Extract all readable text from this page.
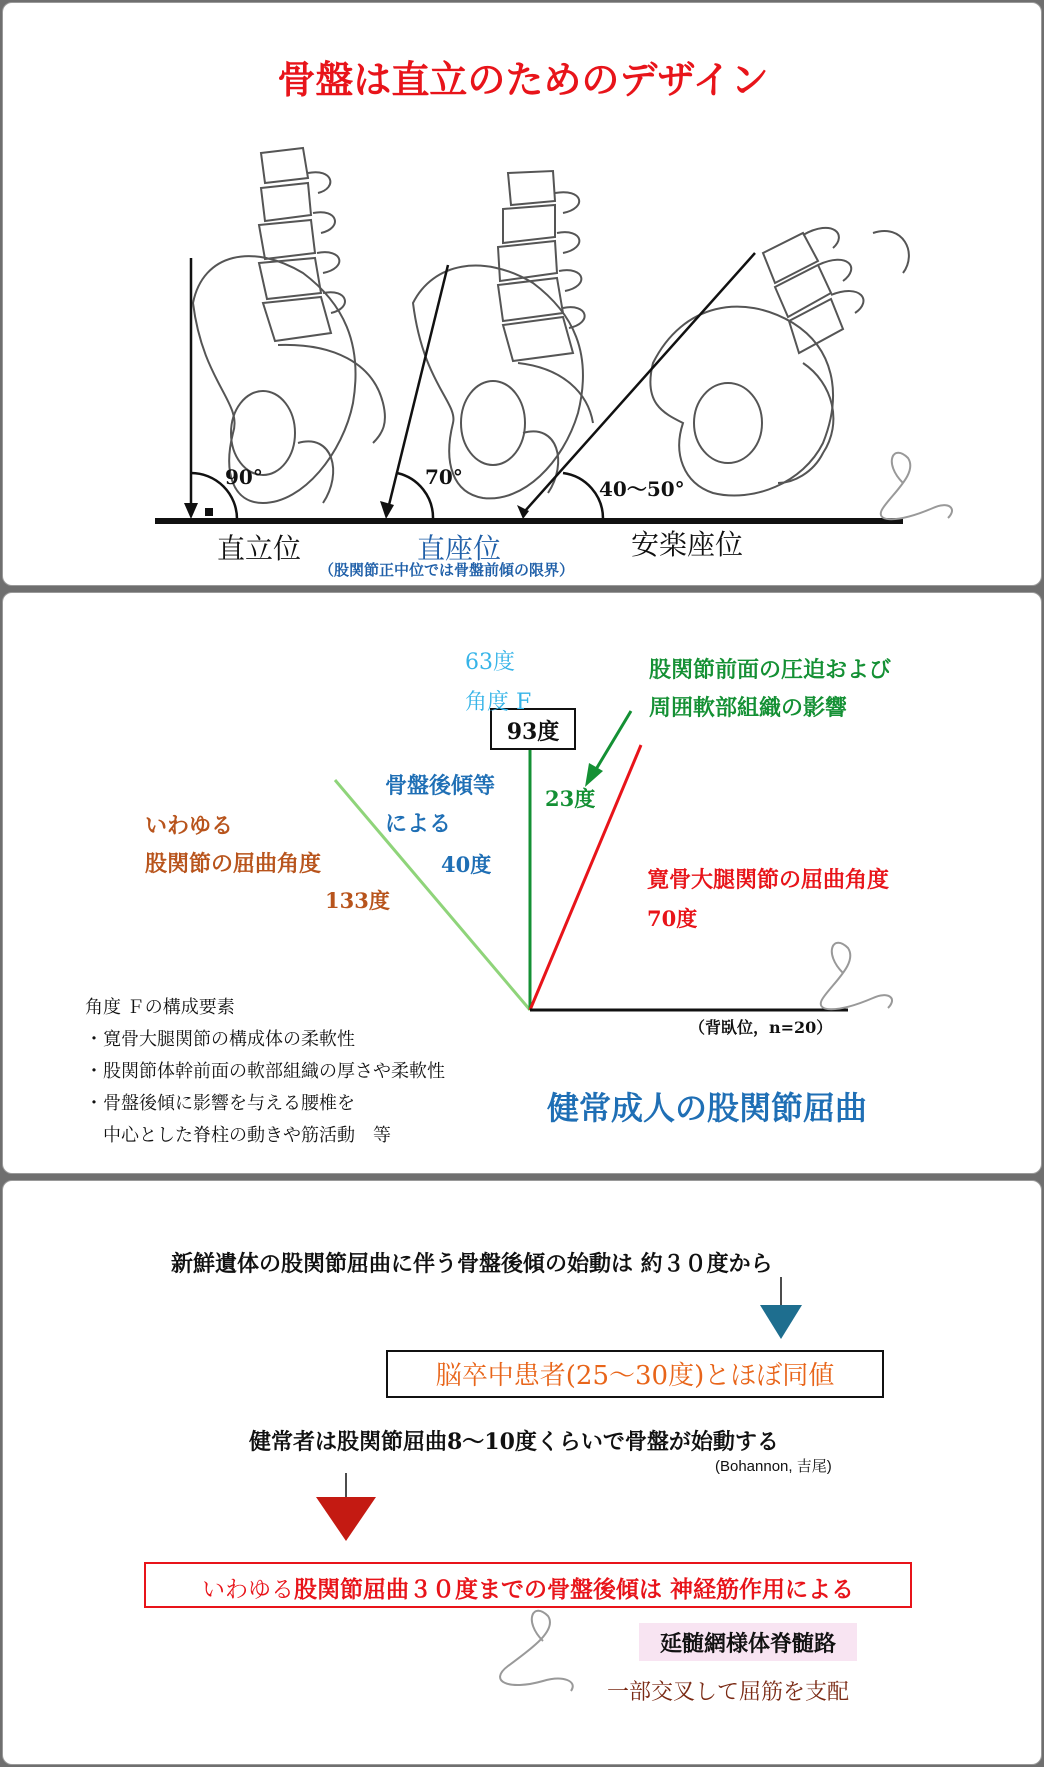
骨盤は直立のためのデザイン
90°	70°	40〜50°
直立位	直座位	安楽座位
（股関節正中位では骨盤前傾の限界）
63度
角度 F
93度
股関節前面の圧迫および
周囲軟部組織の影響
23度
骨盤後傾等
による
40度
いわゆる
股関節の屈曲角度
133度
寛骨大腿関節の屈曲角度
70度
（背臥位，n=20）
角度 Ｆの構成要素
・寛骨大腿関節の構成体の柔軟性
・股関節体幹前面の軟部組織の厚さや柔軟性
・骨盤後傾に影響を与える腰椎を
　中心とした脊柱の動きや筋活動　等
健常成人の股関節屈曲
新鮮遺体の股関節屈曲に伴う骨盤後傾の始動は 約３０度から
脳卒中患者(25〜30度)とほぼ同値
健常者は股関節屈曲8〜10度くらいで骨盤が始動する
(Bohannon, 吉尾)
いわゆる股関節屈曲３０度までの骨盤後傾は 神経筋作用による
延髄網様体脊髄路
一部交叉して屈筋を支配
